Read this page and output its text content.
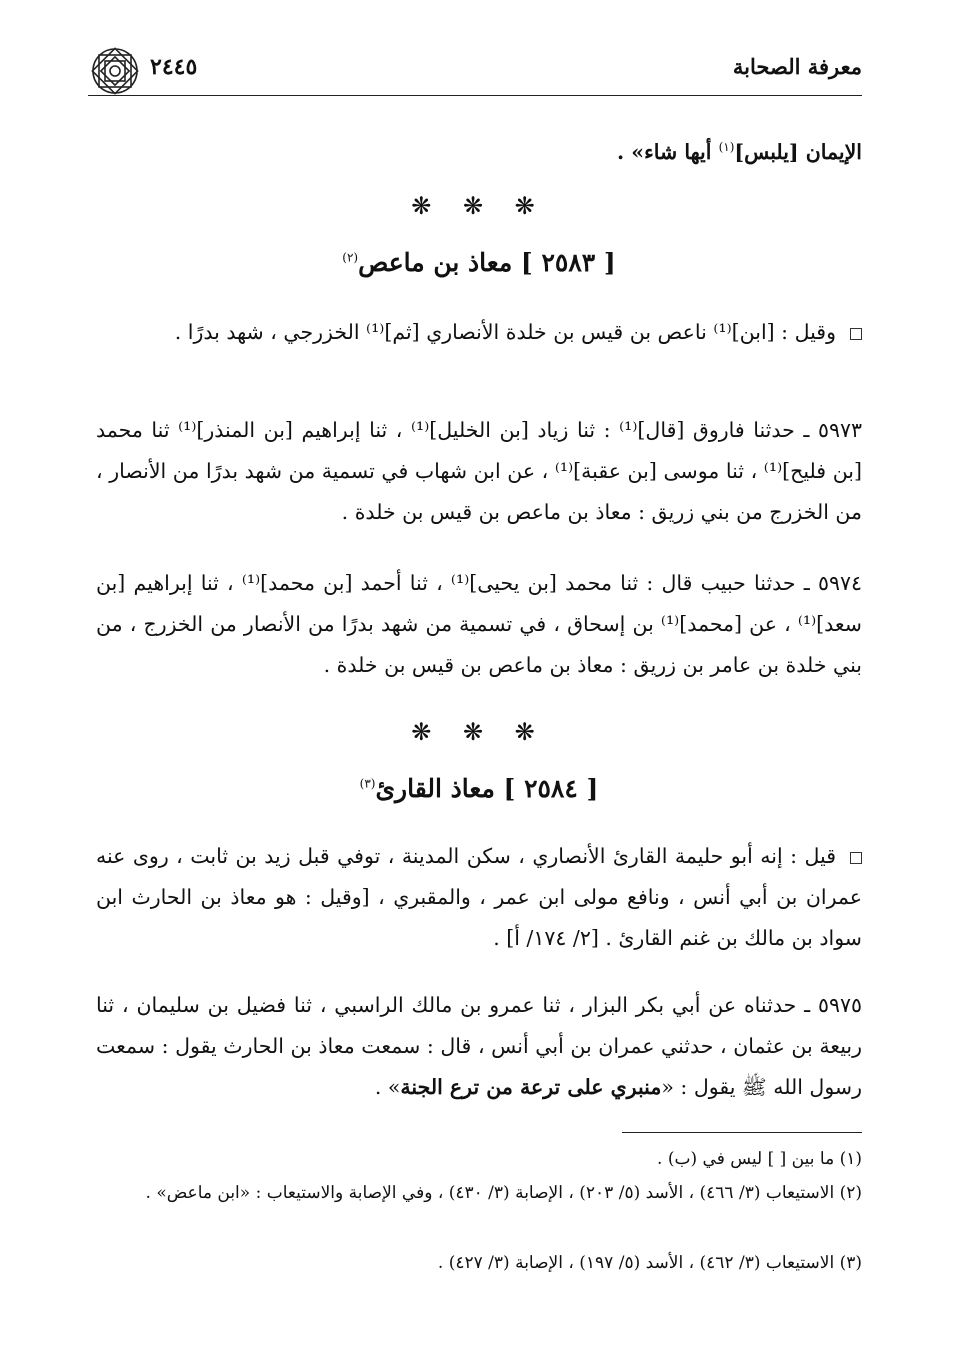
معرفة الصحابة
٢٤٤٥

الإيمان [يلبس]$^{(١)}$ أيها شاء» .

❋ ❋ ❋
[ ٢٥٨٣ ] معاذ بن ماعص$^{(٢)}$

وقيل : [ابن]⁽¹⁾ ناعص بن قيس بن خلدة الأنصاري [ثم]⁽¹⁾ الخزرجي ، شهد بدرًا .

٥٩٧٣ ـ حدثنا فاروق [قال]⁽¹⁾ : ثنا زياد [بن الخليل]⁽¹⁾ ، ثنا إبراهيم [بن المنذر]⁽¹⁾ ثنا محمد [بن فليح]⁽¹⁾ ، ثنا موسى [بن عقبة]⁽¹⁾ ، عن ابن شهاب في تسمية من شهد بدرًا من الأنصار ، من الخزرج من بني زريق : معاذ بن ماعص بن قيس بن خلدة .

٥٩٧٤ ـ حدثنا حبيب قال : ثنا محمد [بن يحيى]⁽¹⁾ ، ثنا أحمد [بن محمد]⁽¹⁾ ، ثنا إبراهيم [بن سعد]⁽¹⁾ ، عن [محمد]⁽¹⁾ بن إسحاق ، في تسمية من شهد بدرًا من الأنصار من الخزرج ، من بني خلدة بن عامر بن زريق : معاذ بن ماعص بن قيس بن خلدة .

❋ ❋ ❋
[ ٢٥٨٤ ] معاذ القارئ$^{(٣)}$

قيل : إنه أبو حليمة القارئ الأنصاري ، سكن المدينة ، توفي قبل زيد بن ثابت ، روى عنه عمران بن أبي أنس ، ونافع مولى ابن عمر ، والمقبري ، [وقيل : هو معاذ بن الحارث ابن سواد بن مالك بن غنم القارئ . [٢/ ١٧٤/ أ] .

٥٩٧٥ ـ حدثناه عن أبي بكر البزار ، ثنا عمرو بن مالك الراسبي ، ثنا فضيل بن سليمان ، ثنا ربيعة بن عثمان ، حدثني عمران بن أبي أنس ، قال : سمعت معاذ بن الحارث يقول : سمعت رسول الله ﷺ يقول : «منبري على ترعة من ترع الجنة» .

(١) ما بين [ ] ليس في (ب) .

(٢) الاستيعاب (٣/ ٤٦٦) ، الأسد (٥/ ٢٠٣) ، الإصابة (٣/ ٤٣٠) ، وفي الإصابة والاستيعاب : «ابن ماعض» .

(٣) الاستيعاب (٣/ ٤٦٢) ، الأسد (٥/ ١٩٧) ، الإصابة (٣/ ٤٢٧) .
